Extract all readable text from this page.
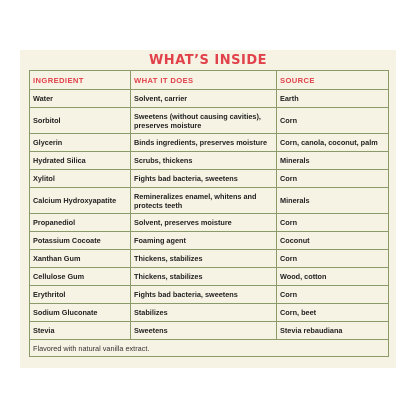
WHAT’S INSIDE
INGREDIENT	WHAT IT DOES	SOURCE
Water	Solvent, carrier	Earth
Sorbitol	Sweetens (without causing cavities), preserves moisture	Corn
Glycerin	Binds ingredients, preserves moisture	Corn, canola, coconut, palm
Hydrated Silica	Scrubs, thickens	Minerals
Xylitol	Fights bad bacteria, sweetens	Corn
Calcium Hydroxyapatite	Remineralizes enamel, whitens and protects teeth	Minerals
Propanediol	Solvent, preserves moisture	Corn
Potassium Cocoate	Foaming agent	Coconut
Xanthan Gum	Thickens, stabilizes	Corn
Cellulose Gum	Thickens, stabilizes	Wood, cotton
Erythritol	Fights bad bacteria, sweetens	Corn
Sodium Gluconate	Stabilizes	Corn, beet
Stevia	Sweetens	Stevia rebaudiana
Flavored with natural vanilla extract.		
